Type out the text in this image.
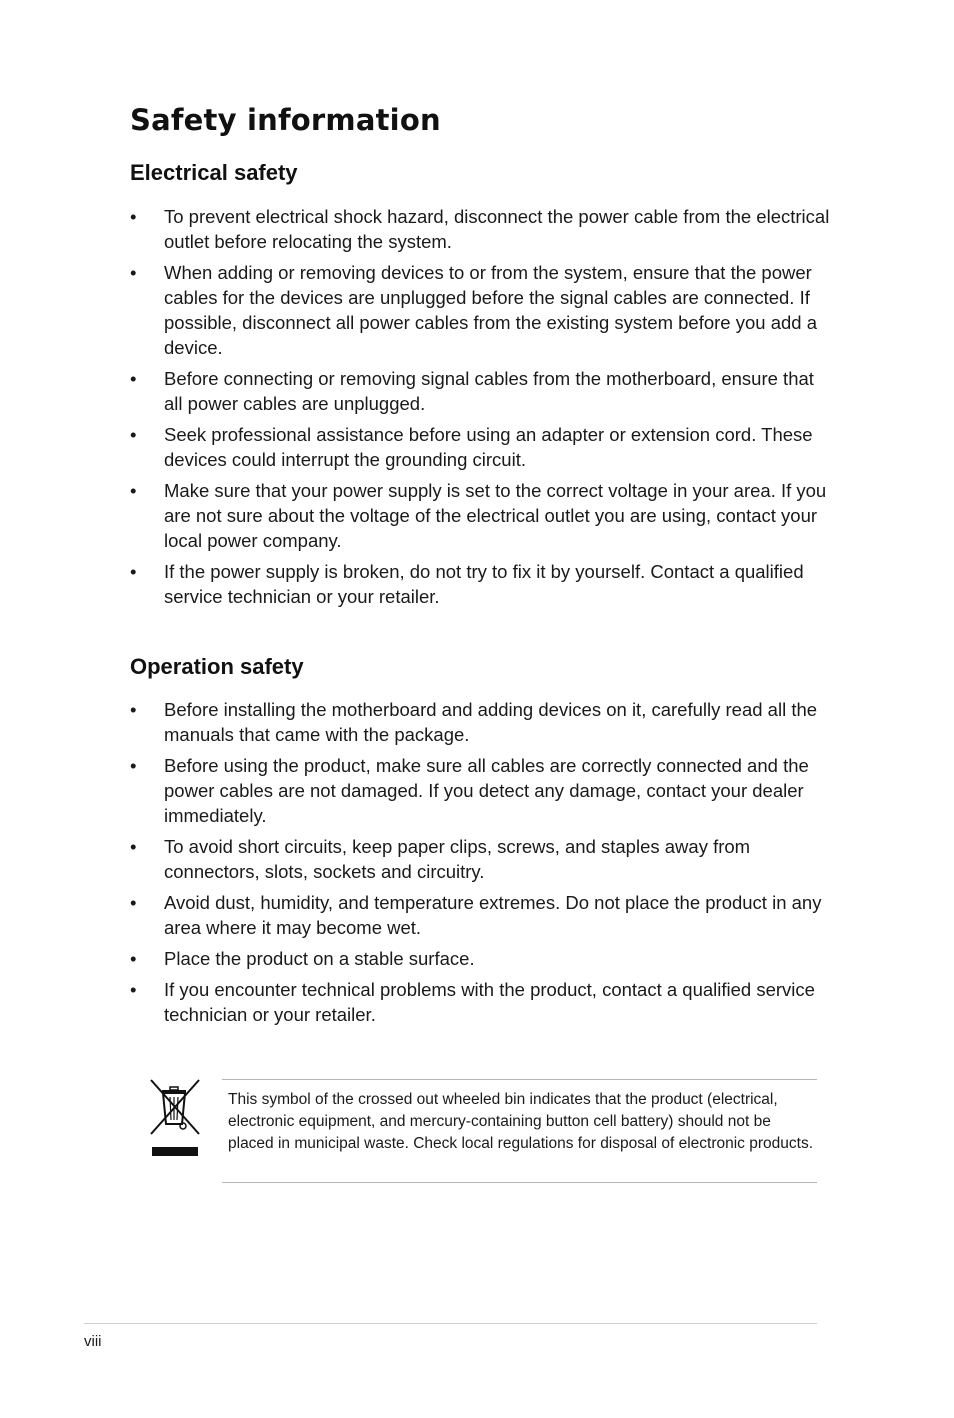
Safety information
Electrical safety
• To prevent electrical shock hazard, disconnect the power cable from the electrical outlet before relocating the system.
• When adding or removing devices to or from the system, ensure that the power cables for the devices are unplugged before the signal cables are connected. If possible, disconnect all power cables from the existing system before you add a device.
• Before connecting or removing signal cables from the motherboard, ensure that all power cables are unplugged.
• Seek professional assistance before using an adapter or extension cord. These devices could interrupt the grounding circuit.
• Make sure that your power supply is set to the correct voltage in your area. If you are not sure about the voltage of the electrical outlet you are using, contact your local power company.
• If the power supply is broken, do not try to fix it by yourself. Contact a qualified service technician or your retailer.
Operation safety
• Before installing the motherboard and adding devices on it, carefully read all the manuals that came with the package.
• Before using the product, make sure all cables are correctly connected and the power cables are not damaged. If you detect any damage, contact your dealer immediately.
• To avoid short circuits, keep paper clips, screws, and staples away from connectors, slots, sockets and circuitry.
• Avoid dust, humidity, and temperature extremes. Do not place the product in any area where it may become wet.
• Place the product on a stable surface.
• If you encounter technical problems with the product, contact a qualified service technician or your retailer.

This symbol of the crossed out wheeled bin indicates that the product (electrical, electronic equipment, and mercury-containing button cell battery) should not be placed in municipal waste. Check local regulations for disposal of electronic products.

viii
